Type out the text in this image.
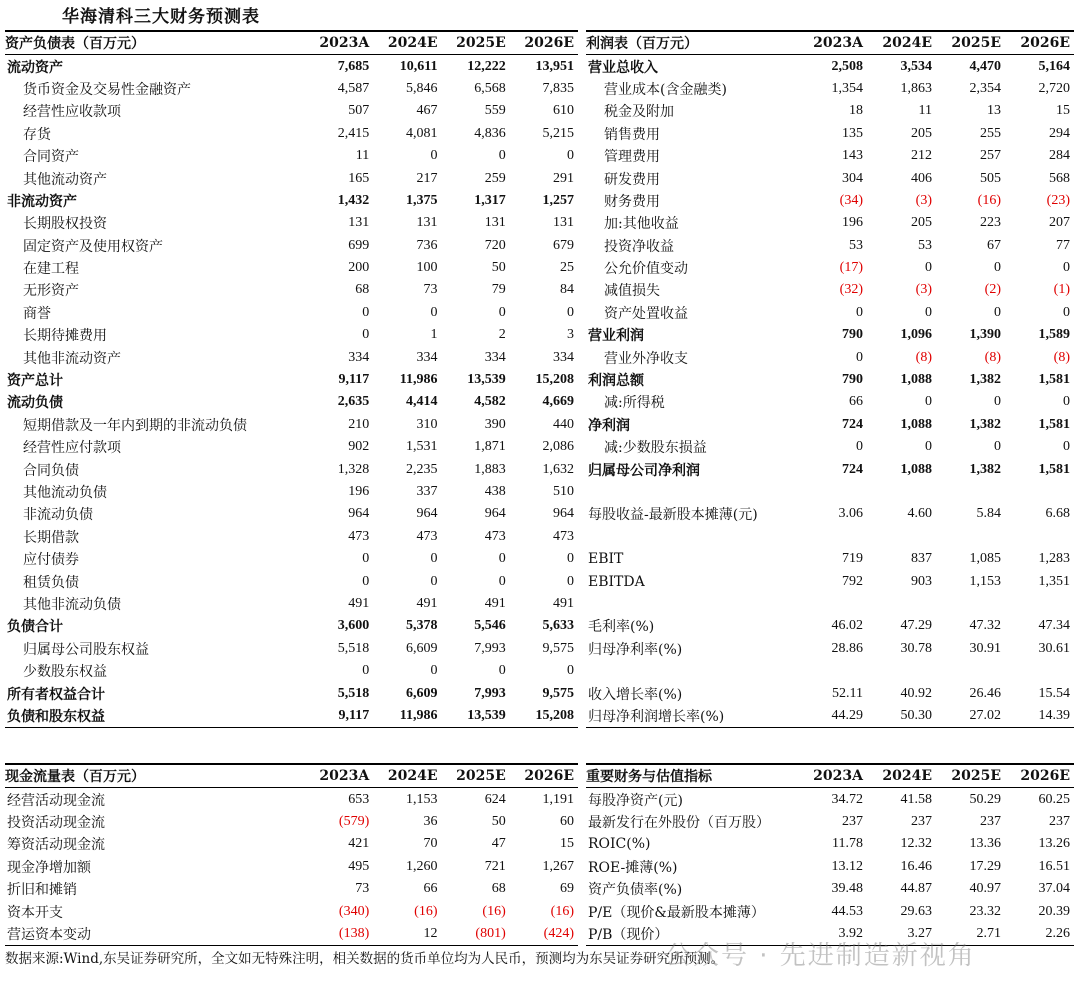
华海清科三大财务预测表
资产负债表（百万元）	2023A	2024E	2025E	2026E
流动资产	7,685	10,611	12,222	13,951
货币资金及交易性金融资产	4,587	5,846	6,568	7,835
经营性应收款项	507	467	559	610
存货	2,415	4,081	4,836	5,215
合同资产	11	0	0	0
其他流动资产	165	217	259	291
非流动资产	1,432	1,375	1,317	1,257
长期股权投资	131	131	131	131
固定资产及使用权资产	699	736	720	679
在建工程	200	100	50	25
无形资产	68	73	79	84
商誉	0	0	0	0
长期待摊费用	0	1	2	3
其他非流动资产	334	334	334	334
资产总计	9,117	11,986	13,539	15,208
流动负债	2,635	4,414	4,582	4,669
短期借款及一年内到期的非流动负债	210	310	390	440
经营性应付款项	902	1,531	1,871	2,086
合同负债	1,328	2,235	1,883	1,632
其他流动负债	196	337	438	510
非流动负债	964	964	964	964
长期借款	473	473	473	473
应付债券	0	0	0	0
租赁负债	0	0	0	0
其他非流动负债	491	491	491	491
负债合计	3,600	5,378	5,546	5,633
归属母公司股东权益	5,518	6,609	7,993	9,575
少数股东权益	0	0	0	0
所有者权益合计	5,518	6,609	7,993	9,575
负债和股东权益	9,117	11,986	13,539	15,208
利润表（百万元）	2023A	2024E	2025E	2026E
营业总收入	2,508	3,534	4,470	5,164
营业成本(含金融类)	1,354	1,863	2,354	2,720
税金及附加	18	11	13	15
销售费用	135	205	255	294
管理费用	143	212	257	284
研发费用	304	406	505	568
财务费用	(34)	(3)	(16)	(23)
加:其他收益	196	205	223	207
投资净收益	53	53	67	77
公允价值变动	(17)	0	0	0
减值损失	(32)	(3)	(2)	(1)
资产处置收益	0	0	0	0
营业利润	790	1,096	1,390	1,589
营业外净收支	0	(8)	(8)	(8)
利润总额	790	1,088	1,382	1,581
减:所得税	66	0	0	0
净利润	724	1,088	1,382	1,581
减:少数股东损益	0	0	0	0
归属母公司净利润	724	1,088	1,382	1,581

每股收益-最新股本摊薄(元)	3.06	4.60	5.84	6.68

EBIT	719	837	1,085	1,283
EBITDA	792	903	1,153	1,351

毛利率(%)	46.02	47.29	47.32	47.34
归母净利率(%)	28.86	30.78	30.91	30.61

收入增长率(%)	52.11	40.92	26.46	15.54
归母净利润增长率(%)	44.29	50.30	27.02	14.39
现金流量表（百万元）	2023A	2024E	2025E	2026E
经营活动现金流	653	1,153	624	1,191
投资活动现金流	(579)	36	50	60
筹资活动现金流	421	70	47	15
现金净增加额	495	1,260	721	1,267
折旧和摊销	73	66	68	69
资本开支	(340)	(16)	(16)	(16)
营运资本变动	(138)	12	(801)	(424)
重要财务与估值指标	2023A	2024E	2025E	2026E
每股净资产(元)	34.72	41.58	50.29	60.25
最新发行在外股份（百万股）	237	237	237	237
ROIC(%)	11.78	12.32	13.36	13.26
ROE-摊薄(%)	13.12	16.46	17.29	16.51
资产负债率(%)	39.48	44.87	40.97	37.04
P/E（现价&最新股本摊薄）	44.53	29.63	23.32	20.39
P/B（现价）	3.92	3.27	2.71	2.26
数据来源:Wind,东吴证券研究所，全文如无特殊注明，相关数据的货币单位均为人民币，预测均为东吴证券研究所预测。
公众号 · 先进制造新视角
